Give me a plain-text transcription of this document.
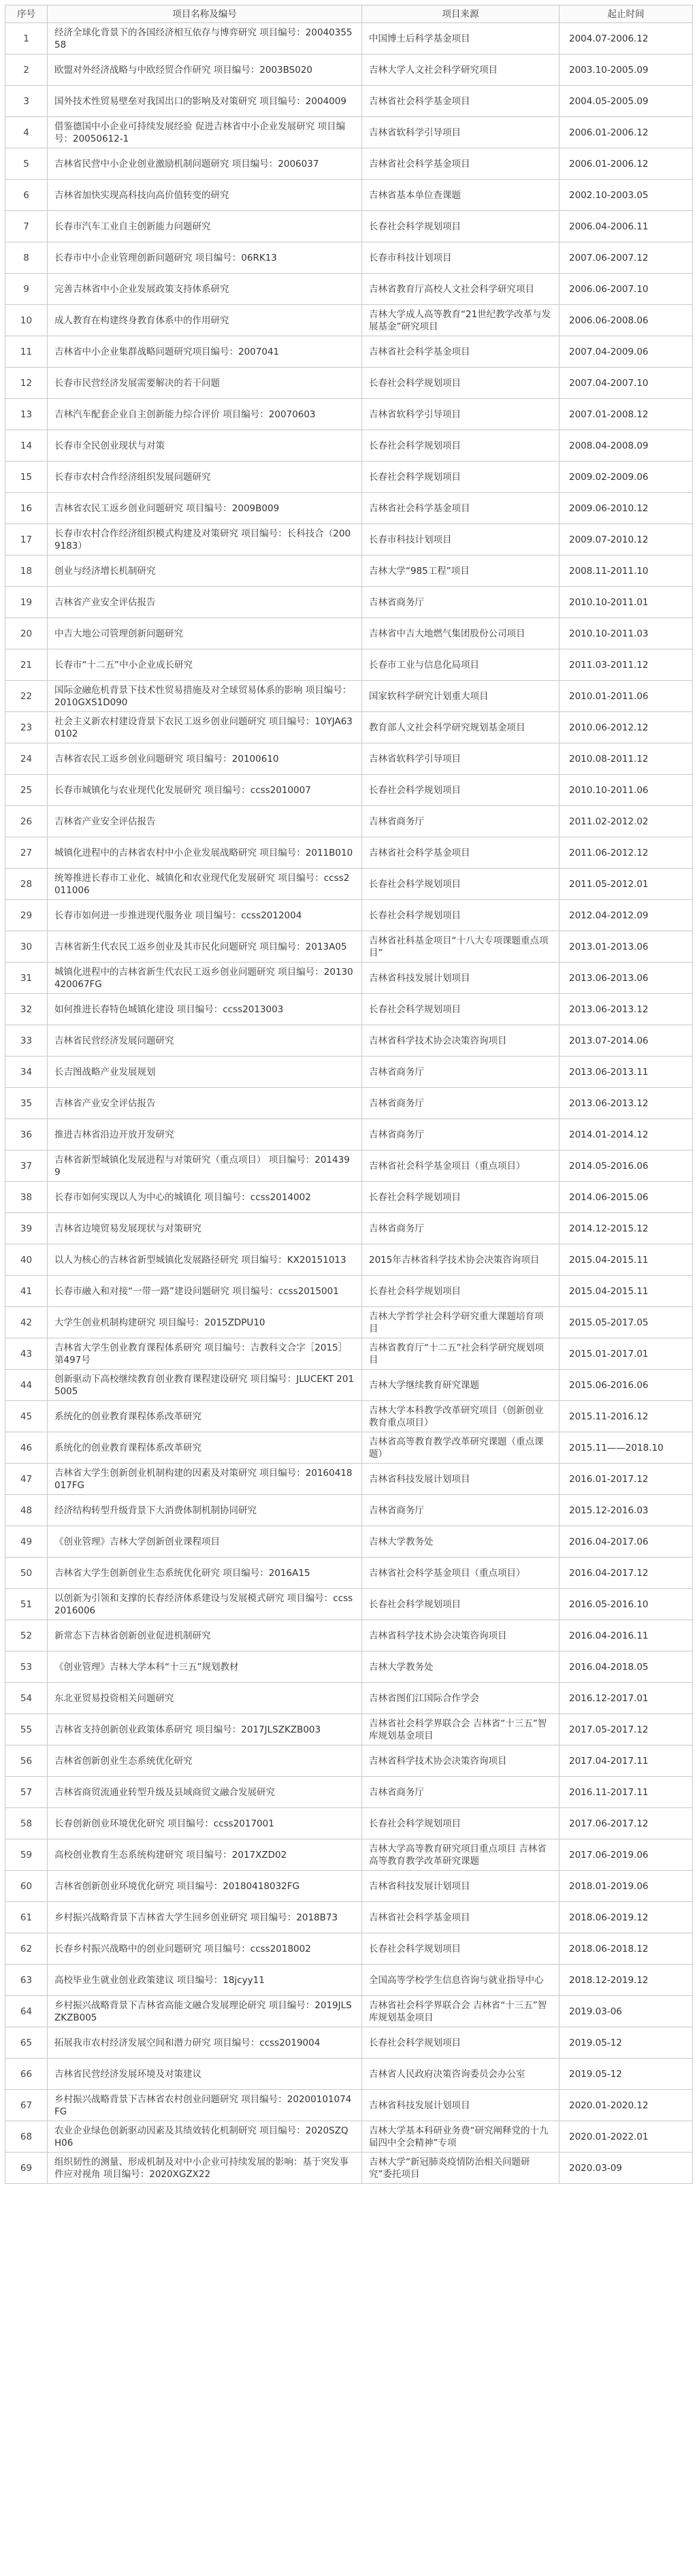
序号	项目名称及编号	项目来源	起止时间
1	经济全球化背景下的各国经济相互依存与博弈研究 项目编号：2004035558	中国博士后科学基金项目	2004.07-2006.12
2	欧盟对外经济战略与中欧经贸合作研究 项目编号：2003BS020	吉林大学人文社会科学研究项目	2003.10-2005.09
3	国外技术性贸易壁垒对我国出口的影响及对策研究 项目编号：2004009	吉林省社会科学基金项目	2004.05-2005.09
4	借鉴德国中小企业可持续发展经验 促进吉林省中小企业发展研究 项目编号：20050612-1	吉林省软科学引导项目	2006.01-2006.12
5	吉林省民营中小企业创业激励机制问题研究 项目编号：2006037	吉林省社会科学基金项目	2006.01-2006.12
6	吉林省加快实现高科技向高价值转变的研究	吉林省基本单位查课题	2002.10-2003.05
7	长春市汽车工业自主创新能力问题研究	长春社会科学规划项目	2006.04-2006.11
8	长春市中小企业管理创新问题研究 项目编号：06RK13	长春市科技计划项目	2007.06-2007.12
9	完善吉林省中小企业发展政策支持体系研究	吉林省教育厅高校人文社会科学研究项目	2006.06-2007.10
10	成人教育在构建终身教育体系中的作用研究	吉林大学成人高等教育“21世纪教学改革与发展基金”研究项目	2006.06-2008.06
11	吉林省中小企业集群战略问题研究项目编号：2007041	吉林省社会科学基金项目	2007.04-2009.06
12	长春市民营经济发展需要解决的若干问题	长春社会科学规划项目	2007.04-2007.10
13	吉林汽车配套企业自主创新能力综合评价 项目编号：20070603	吉林省软科学引导项目	2007.01-2008.12
14	长春市全民创业现状与对策	长春社会科学规划项目	2008.04-2008.09
15	长春市农村合作经济组织发展问题研究	长春社会科学规划项目	2009.02-2009.06
16	吉林省农民工返乡创业问题研究 项目编号：2009B009	吉林省社会科学基金项目	2009.06-2010.12
17	长春市农村合作经济组织模式构建及对策研究 项目编号：长科技合（2009183）	长春市科技计划项目	2009.07-2010.12
18	创业与经济增长机制研究	吉林大学“985工程”项目	2008.11-2011.10
19	吉林省产业安全评估报告	吉林省商务厅	2010.10-2011.01
20	中吉大地公司管理创新问题研究	吉林省中吉大地燃气集团股份公司项目	2010.10-2011.03
21	长春市“十二五”中小企业成长研究	长春市工业与信息化局项目	2011.03-2011.12
22	国际金融危机背景下技术性贸易措施及对全球贸易体系的影响 项目编号：2010GXS1D090	国家软科学研究计划重大项目	2010.01-2011.06
23	社会主义新农村建设背景下农民工返乡创业问题研究 项目编号：10YJA630102	教育部人文社会科学研究规划基金项目	2010.06-2012.12
24	吉林省农民工返乡创业问题研究 项目编号：20100610	吉林省软科学引导项目	2010.08-2011.12
25	长春市城镇化与农业现代化发展研究 项目编号：ccss2010007	长春社会科学规划项目	2010.10-2011.06
26	吉林省产业安全评估报告	吉林省商务厅	2011.02-2012.02
27	城镇化进程中的吉林省农村中小企业发展战略研究 项目编号：2011B010	吉林省社会科学基金项目	2011.06-2012.12
28	统筹推进长春市工业化、城镇化和农业现代化发展研究 项目编号：ccss2011006	长春社会科学规划项目	2011.05-2012.01
29	长春市如何进一步推进现代服务业 项目编号：ccss2012004	长春社会科学规划项目	2012.04-2012.09
30	吉林省新生代农民工返乡创业及其市民化问题研究 项目编号：2013A05	吉林省社科基金项目“十八大专项课题重点项目”	2013.01-2013.06
31	城镇化进程中的吉林省新生代农民工返乡创业问题研究 项目编号：20130420067FG	吉林省科技发展计划项目	2013.06-2013.06
32	如何推进长春特色城镇化建设 项目编号：ccss2013003	长春社会科学规划项目	2013.06-2013.12
33	吉林省民营经济发展问题研究	吉林省科学技术协会决策咨询项目	2013.07-2014.06
34	长吉图战略产业发展规划	吉林省商务厅	2013.06-2013.11
35	吉林省产业安全评估报告	吉林省商务厅	2013.06-2013.12
36	推进吉林省沿边开放开发研究	吉林省商务厅	2014.01-2014.12
37	吉林省新型城镇化发展进程与对策研究（重点项目） 项目编号：2014399	吉林省社会科学基金项目（重点项目）	2014.05-2016.06
38	长春市如何实现以人为中心的城镇化 项目编号：ccss2014002	长春社会科学规划项目	2014.06-2015.06
39	吉林省边境贸易发展现状与对策研究	吉林省商务厅	2014.12-2015.12
40	以人为核心的吉林省新型城镇化发展路径研究 项目编号：KX20151013	2015年吉林省科学技术协会决策咨询项目	2015.04-2015.11
41	长春市融入和对接“一带一路”建设问题研究 项目编号：ccss2015001	长春社会科学规划项目	2015.04-2015.11
42	大学生创业机制构建研究 项目编号：2015ZDPU10	吉林大学哲学社会科学研究重大课题培育项目	2015.05-2017.05
43	吉林省大学生创业教育课程体系研究 项目编号：吉教科文合字［2015］第497号	吉林省教育厅“十二五”社会科学研究规划项目	2015.01-2017.01
44	创新驱动下高校继续教育创业教育课程建设研究 项目编号：JLUCEKT 2015005	吉林大学继续教育研究课题	2015.06-2016.06
45	系统化的创业教育课程体系改革研究	吉林大学本科教学改革研究项目（创新创业教育重点项目）	2015.11-2016.12
46	系统化的创业教育课程体系改革研究	吉林省高等教育教学改革研究课题（重点课题）	2015.11——2018.10
47	吉林省大学生创新创业机制构建的因素及对策研究 项目编号：20160418017FG	吉林省科技发展计划项目	2016.01-2017.12
48	经济结构转型升级背景下大消费体制机制协同研究	吉林省商务厅	2015.12-2016.03
49	《创业管理》吉林大学创新创业课程项目	吉林大学教务处	2016.04-2017.06
50	吉林省大学生创新创业生态系统优化研究 项目编号：2016A15	吉林省社会科学基金项目（重点项目）	2016.04-2017.12
51	以创新为引领和支撑的长春经济体系建设与发展模式研究 项目编号：ccss2016006	长春社会科学规划项目	2016.05-2016.10
52	新常态下吉林省创新创业促进机制研究	吉林省科学技术协会决策咨询项目	2016.04-2016.11
53	《创业管理》吉林大学本科“十三五”规划教材	吉林大学教务处	2016.04-2018.05
54	东北亚贸易投资相关问题研究	吉林省图们江国际合作学会	2016.12-2017.01
55	吉林省支持创新创业政策体系研究 项目编号：2017JLSZKZB003	吉林省社会科学界联合会 吉林省“十三五”智库规划基金项目	2017.05-2017.12
56	吉林省创新创业生态系统优化研究	吉林省科学技术协会决策咨询项目	2017.04-2017.11
57	吉林省商贸流通业转型升级及县域商贸文融合发展研究	吉林省商务厅	2016.11-2017.11
58	长春创新创业环境优化研究 项目编号：ccss2017001	长春社会科学规划项目	2017.06-2017.12
59	高校创业教育生态系统构建研究 项目编号：2017XZD02	吉林大学高等教育研究项目重点项目 吉林省高等教育教学改革研究课题	2017.06-2019.06
60	吉林省创新创业环境优化研究 项目编号：20180418032FG	吉林省科技发展计划项目	2018.01-2019.06
61	乡村振兴战略背景下吉林省大学生回乡创业研究 项目编号：2018B73	吉林省社会科学基金项目	2018.06-2019.12
62	长春乡村振兴战略中的创业问题研究 项目编号：ccss2018002	长春社会科学规划项目	2018.06-2018.12
63	高校毕业生就业创业政策建议 项目编号：18jcyy11	全国高等学校学生信息咨询与就业指导中心	2018.12-2019.12
64	乡村振兴战略背景下吉林省高能文融合发展理论研究 项目编号：2019JLSZKZB005	吉林省社会科学界联合会 吉林省“十三五”智库规划基金项目	2019.03-06
65	拓展我市农村经济发展空间和潜力研究 项目编号：ccss2019004	长春社会科学规划项目	2019.05-12
66	吉林省民营经济发展环境及对策建议	吉林省人民政府决策咨询委员会办公室	2019.05-12
67	乡村振兴战略背景下吉林省农村创业问题研究 项目编号：20200101074FG	吉林省科技发展计划项目	2020.01-2020.12
68	农业企业绿色创新驱动因素及其绩效转化机制研究 项目编号：2020SZQH06	吉林大学基本科研业务费“研究阐释党的十九届四中全会精神”专项	2020.01-2022.01
69	组织韧性的测量、形成机制及对中小企业可持续发展的影响：基于突发事件应对视角 项目编号：2020XGZX22	吉林大学“新冠肺炎疫情防治相关问题研究”委托项目	2020.03-09
